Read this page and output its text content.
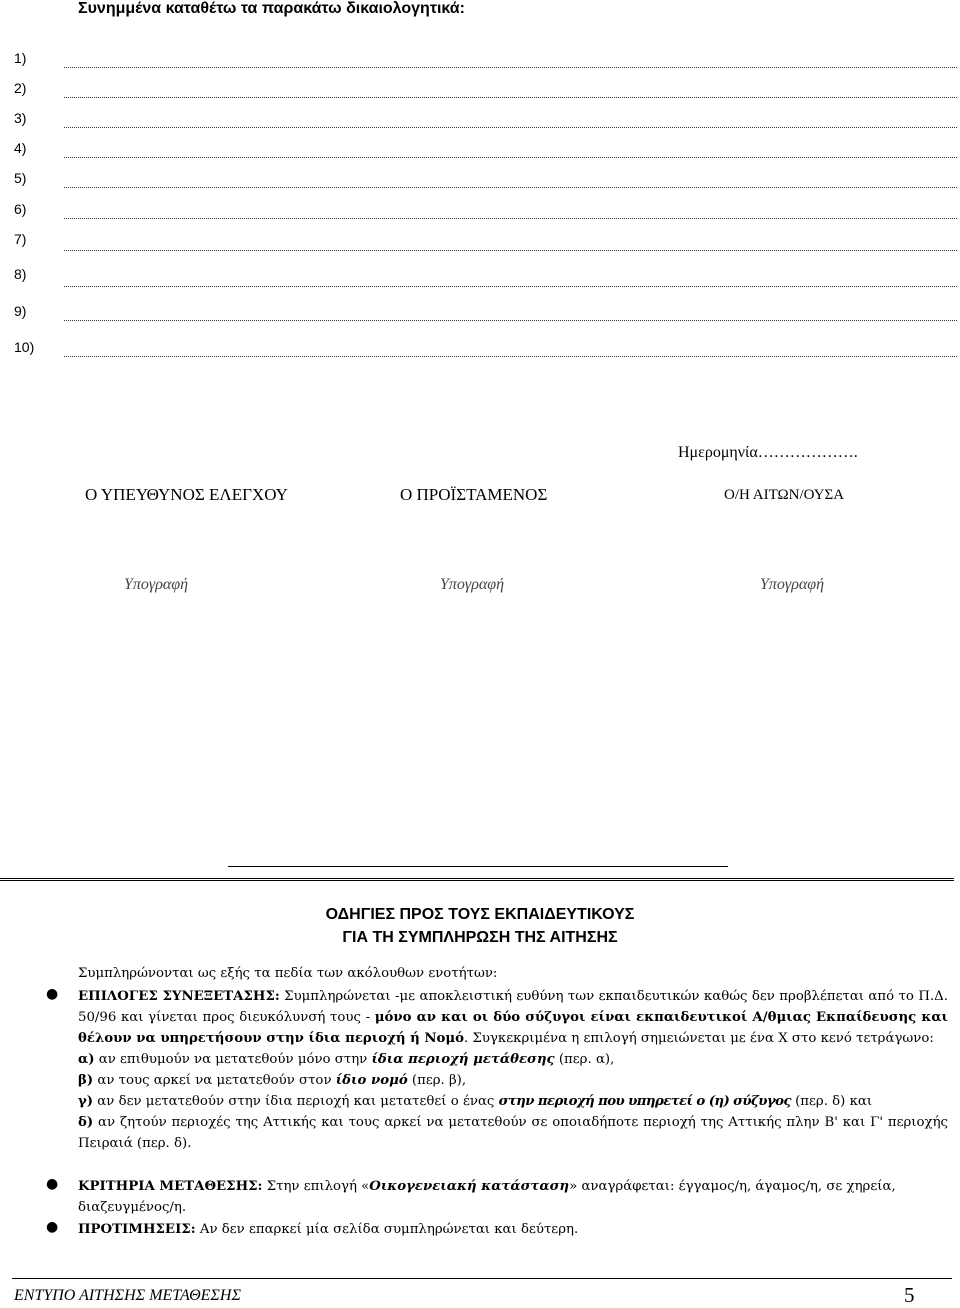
Συνημμένα καταθέτω τα παρακάτω δικαιολογητικά:
1)
2)
3)
4)
5)
6)
7)
8)
9)
10)
Ημερομηνία……………….
Ο ΥΠΕΥΘΥΝΟΣ ΕΛΕΓΧΟΥ	Ο ΠΡΟΪΣΤΑΜΕΝΟΣ	Ο/Η ΑΙΤΩΝ/ΟΥΣΑ
Υπογραφή	Υπογραφή	Υπογραφή
ΟΔΗΓΙΕΣ ΠΡΟΣ ΤΟΥΣ ΕΚΠΑΙΔΕΥΤΙΚΟΥΣ
ΓΙΑ ΤΗ ΣΥΜΠΛΗΡΩΣΗ ΤΗΣ ΑΙΤΗΣΗΣ
Συμπληρώνονται ως εξής τα πεδία των ακόλουθων ενοτήτων:
● ΕΠΙΛΟΓΕΣ ΣΥΝΕΞΕΤΑΣΗΣ: Συμπληρώνεται -με αποκλειστική ευθύνη των εκπαιδευτικών καθώς δεν προβλέπεται από το Π.Δ. 50/96 και γίνεται προς διευκόλυνσή τους - μόνο αν και οι δύο σύζυγοι είναι εκπαιδευτικοί Α/θμιας Εκπαίδευσης και θέλουν να υπηρετήσουν στην ίδια περιοχή ή Νομό. Συγκεκριμένα η επιλογή σημειώνεται με ένα Χ στο κενό τετράγωνο:
α) αν επιθυμούν να μετατεθούν μόνο στην ίδια περιοχή μετάθεσης (περ. α),
β) αν τους αρκεί να μετατεθούν στον ίδιο νομό (περ. β),
γ) αν δεν μετατεθούν στην ίδια περιοχή και μετατεθεί ο ένας στην περιοχή που υπηρετεί ο (η) σύζυγος (περ. δ) και
δ) αν ζητούν περιοχές της Αττικής και τους αρκεί να μετατεθούν σε οποιαδήποτε περιοχή της Αττικής πλην Β' και Γ' περιοχής Πειραιά (περ. δ).
● ΚΡΙΤΗΡΙΑ ΜΕΤΑΘΕΣΗΣ: Στην επιλογή «Οικογενειακή κατάσταση» αναγράφεται: έγγαμος/η, άγαμος/η, σε χηρεία, διαζευγμένος/η.
● ΠΡΟΤΙΜΗΣΕΙΣ: Αν δεν επαρκεί μία σελίδα συμπληρώνεται και δεύτερη.
ΕΝΤΥΠΟ ΑΙΤΗΣΗΣ ΜΕΤΑΘΕΣΗΣ	5
